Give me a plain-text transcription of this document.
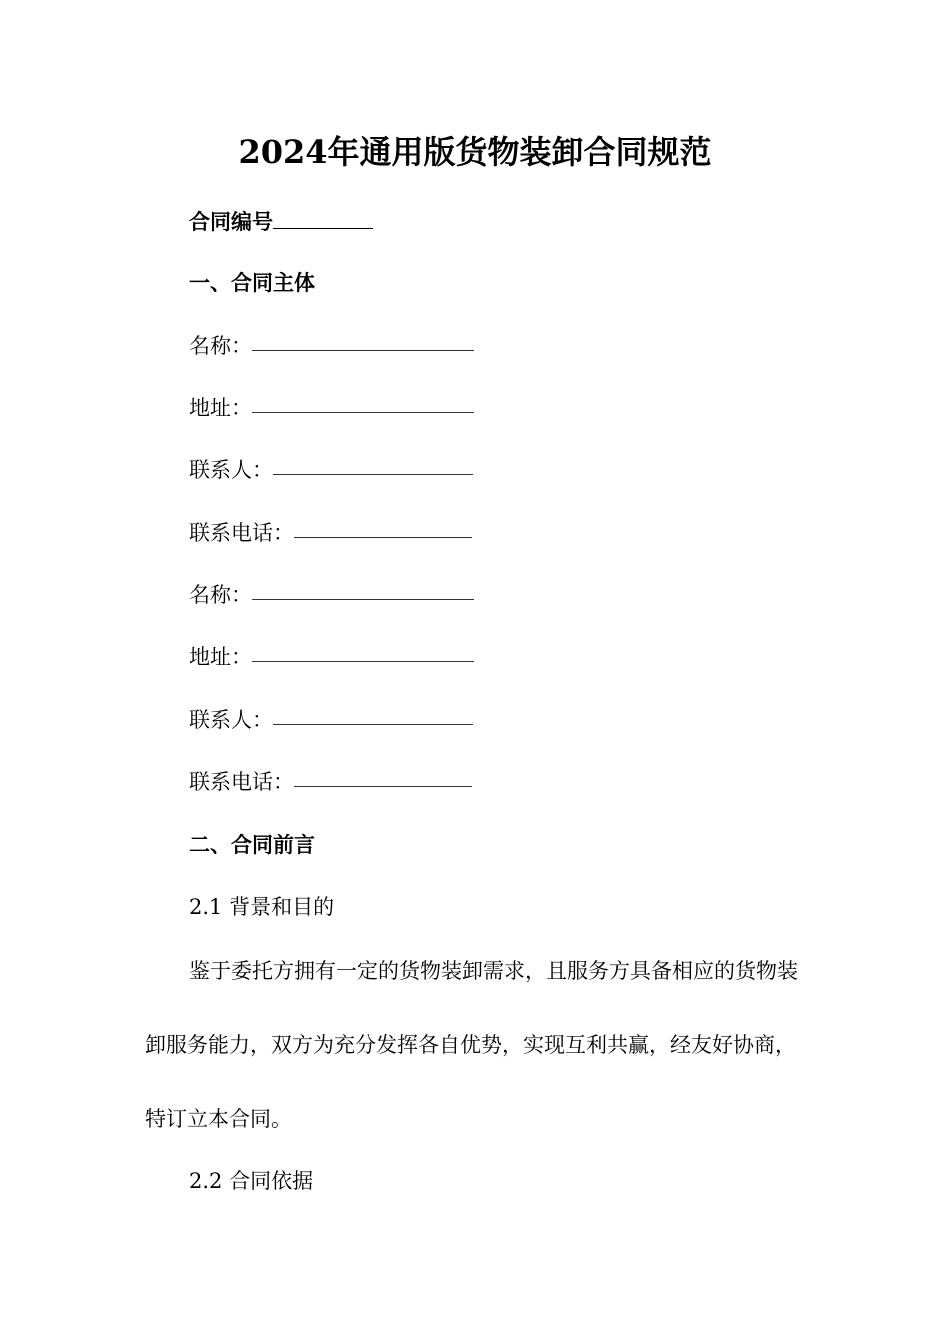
2024年通用版货物装卸合同规范
合同编号
一、合同主体
名称：
地址：
联系人：
联系电话：
名称：
地址：
联系人：
联系电话：
二、合同前言
2.1 背景和目的
鉴于委托方拥有一定的货物装卸需求，且服务方具备相应的货物装卸服务能力，双方为充分发挥各自优势，实现互利共赢，经友好协商，特订立本合同。
2.2 合同依据
